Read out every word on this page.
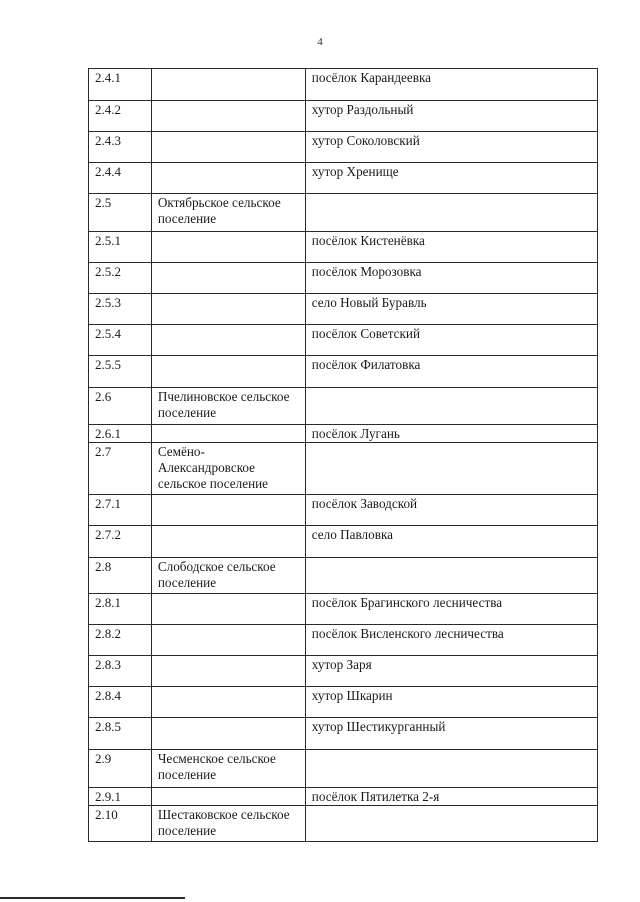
4
2.4.1		посёлок Карандеевка
2.4.2		хутор Раздольный
2.4.3		хутор Соколовский
2.4.4		хутор Хренище
2.5	Октябрьское сельское поселение	
2.5.1		посёлок Кистенёвка
2.5.2		посёлок Морозовка
2.5.3		село Новый Буравль
2.5.4		посёлок Советский
2.5.5		посёлок Филатовка
2.6	Пчелиновское сельское поселение	
2.6.1		посёлок Лугань
2.7	Семёно-Александровское сельское поселение	
2.7.1		посёлок Заводской
2.7.2		село Павловка
2.8	Слободское сельское поселение	
2.8.1		посёлок Брагинского лесничества
2.8.2		посёлок Висленского лесничества
2.8.3		хутор Заря
2.8.4		хутор Шкарин
2.8.5		хутор Шестикурганный
2.9	Чесменское сельское поселение	
2.9.1		посёлок Пятилетка 2-я
2.10	Шестаковское сельское поселение	
